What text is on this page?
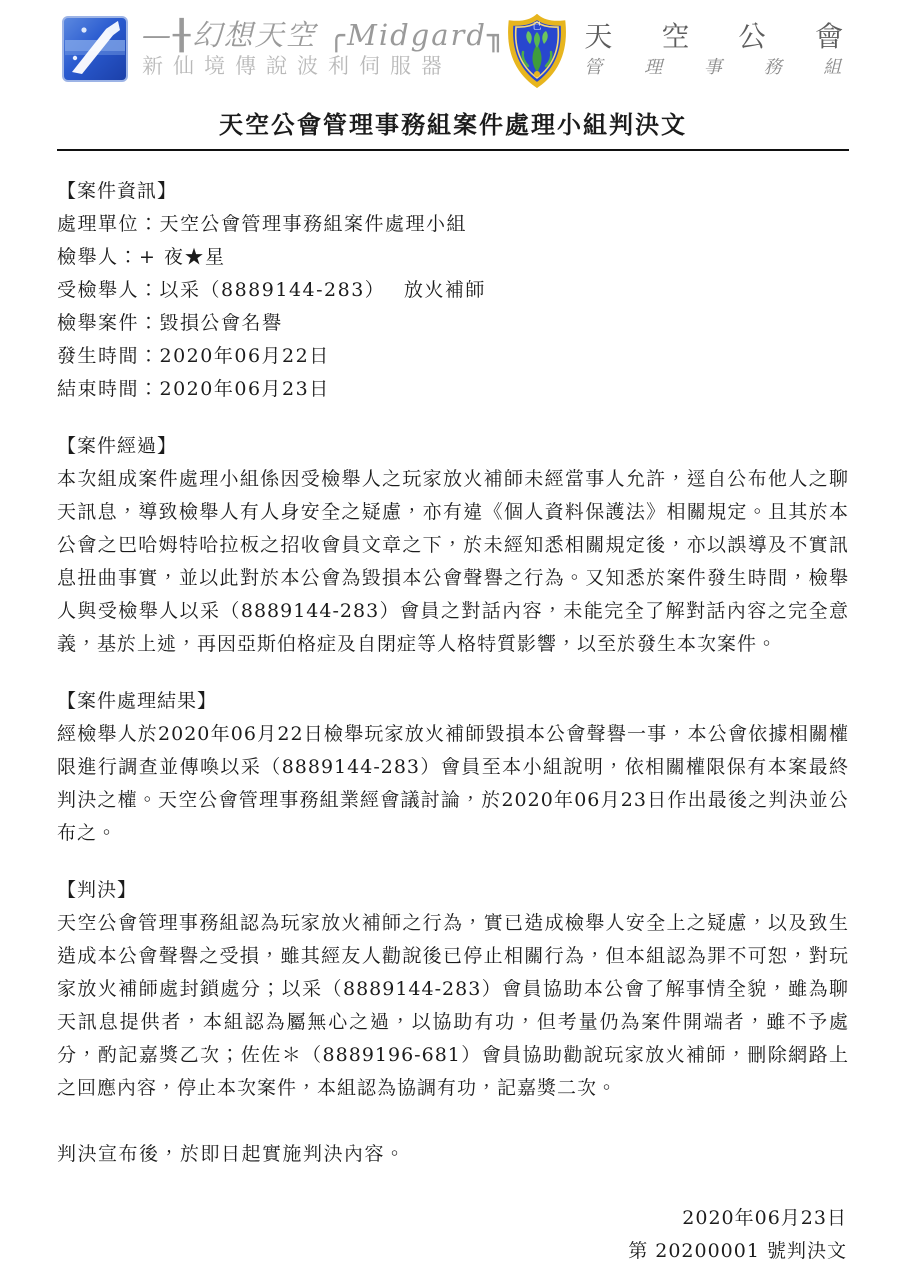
—╂幻想天空 ╭Midgard╖
新仙境傳說波利伺服器
己 天 空 公 會
管 理 事 務 組
天空公會管理事務組案件處理小組判決文
【案件資訊】
處理單位：天空公會管理事務組案件處理小組
檢舉人：+ 夜★星
受檢舉人：以采（8889144-283）　 放火補師
檢舉案件：毀損公會名譽
發生時間：2020年06月22日
結束時間：2020年06月23日
【案件經過】

本次組成案件處理小組係因受檢舉人之玩家放火補師未經當事人允許，逕自公布他人之聊天訊息，導致檢舉人有人身安全之疑慮，亦有違《個人資料保護法》相關規定。且其於本公會之巴哈姆特哈拉板之招收會員文章之下，於未經知悉相關規定後，亦以誤導及不實訊息扭曲事實，並以此對於本公會為毀損本公會聲譽之行為。又知悉於案件發生時間，檢舉人與受檢舉人以采（8889144-283）會員之對話內容，未能完全了解對話內容之完全意義，基於上述，再因亞斯伯格症及自閉症等人格特質影響，以至於發生本次案件。

【案件處理結果】

經檢舉人於2020年06月22日檢舉玩家放火補師毀損本公會聲譽一事，本公會依據相關權限進行調查並傳喚以采（8889144-283）會員至本小組說明，依相關權限保有本案最終判決之權。天空公會管理事務組業經會議討論，於2020年06月23日作出最後之判決並公布之。

【判決】

天空公會管理事務組認為玩家放火補師之行為，實已造成檢舉人安全上之疑慮，以及致生造成本公會聲譽之受損，雖其經友人勸說後已停止相關行為，但本組認為罪不可恕，對玩家放火補師處封鎖處分；以采（8889144-283）會員協助本公會了解事情全貌，雖為聊天訊息提供者，本組認為屬無心之過，以協助有功，但考量仍為案件開端者，雖不予處分，酌記嘉獎乙次；佐佐＊（8889196-681）會員協助勸說玩家放火補師，刪除網路上之回應內容，停止本次案件，本組認為協調有功，記嘉獎二次。

判決宣布後，於即日起實施判決內容。
2020年06月23日
第 20200001 號判決文
